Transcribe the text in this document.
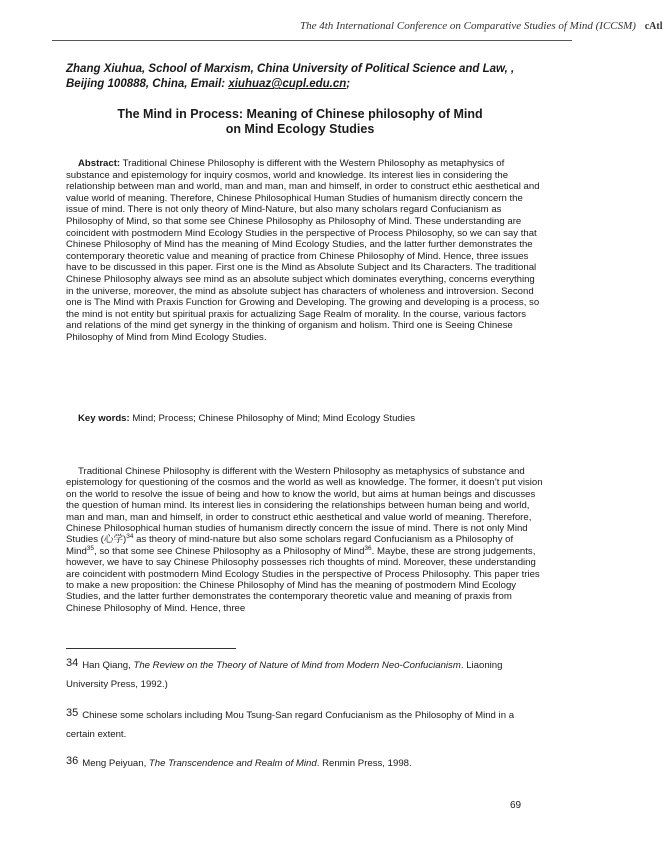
The 4th International Conference on Comparative Studies of Mind (ICCSM) cAtl
Zhang Xiuhua, School of Marxism, China University of Political Science and Law, ,
Beijing 100888, China, Email: xiuhuaz@cupl.edu.cn;
The Mind in Process: Meaning of Chinese philosophy of Mind
on Mind Ecology Studies
Abstract: Traditional Chinese Philosophy is different with the Western Philosophy as metaphysics of substance and epistemology for inquiry cosmos, world and knowledge. Its interest lies in considering the relationship between man and world, man and man, man and himself, in order to construct ethic aesthetical and value world of meaning. Therefore, Chinese Philosophical Human Studies of humanism directly concern the issue of mind. There is not only theory of Mind-Nature, but also many scholars regard Confucianism as Philosophy of Mind, so that some see Chinese Philosophy as Philosophy of Mind. These understanding are coincident with postmodern Mind Ecology Studies in the perspective of Process Philosophy, so we can say that Chinese Philosophy of Mind has the meaning of Mind Ecology Studies, and the latter further demonstrates the contemporary theoretic value and meaning of practice from Chinese Philosophy of Mind. Hence, three issues have to be discussed in this paper. First one is the Mind as Absolute Subject and Its Characters. The traditional Chinese Philosophy always see mind as an absolute subject which dominates everything, concerns everything in the universe, moreover, the mind as absolute subject has characters of wholeness and introversion. Second one is The Mind with Praxis Function for Growing and Developing. The growing and developing is a process, so the mind is not entity but spiritual praxis for actualizing Sage Realm of morality. In the course, various factors and relations of the mind get synergy in the thinking of organism and holism. Third one is Seeing Chinese Philosophy of Mind from Mind Ecology Studies.
Key words: Mind; Process; Chinese Philosophy of Mind; Mind Ecology Studies
Traditional Chinese Philosophy is different with the Western Philosophy as metaphysics of substance and epistemology for questioning of the cosmos and the world as well as knowledge. The former, it doesn’t put vision on the world to resolve the issue of being and how to know the world, but aims at human beings and discusses the question of human mind. Its interest lies in considering the relationships between human being and world, man and man, man and himself, in order to construct ethic aesthetical and value world of meaning. Therefore, Chinese Philosophical human studies of humanism directly concern the issue of mind. There is not only Mind Studies (心学)$^{34}$ as theory of mind-nature but also some scholars regard Confucianism as a Philosophy of Mind$^{35}$, so that some see Chinese Philosophy as a Philosophy of Mind$^{36}$. Maybe, these are strong judgements, however, we have to say Chinese Philosophy possesses rich thoughts of mind. Moreover, these understanding are coincident with postmodern Mind Ecology Studies in the perspective of Process Philosophy. This paper tries to make a new proposition: the Chinese Philosophy of Mind has the meaning of postmodern Mind Ecology Studies, and the latter further demonstrates the contemporary theoretic value and meaning of praxis from Chinese Philosophy of Mind. Hence, three
34 Han Qiang, The Review on the Theory of Nature of Mind from Modern Neo-Confucianism. Liaoning University Press, 1992.)
35 Chinese some scholars including Mou Tsung-San regard Confucianism as the Philosophy of Mind in a certain extent.
36 Meng Peiyuan, The Transcendence and Realm of Mind. Renmin Press, 1998.
69
